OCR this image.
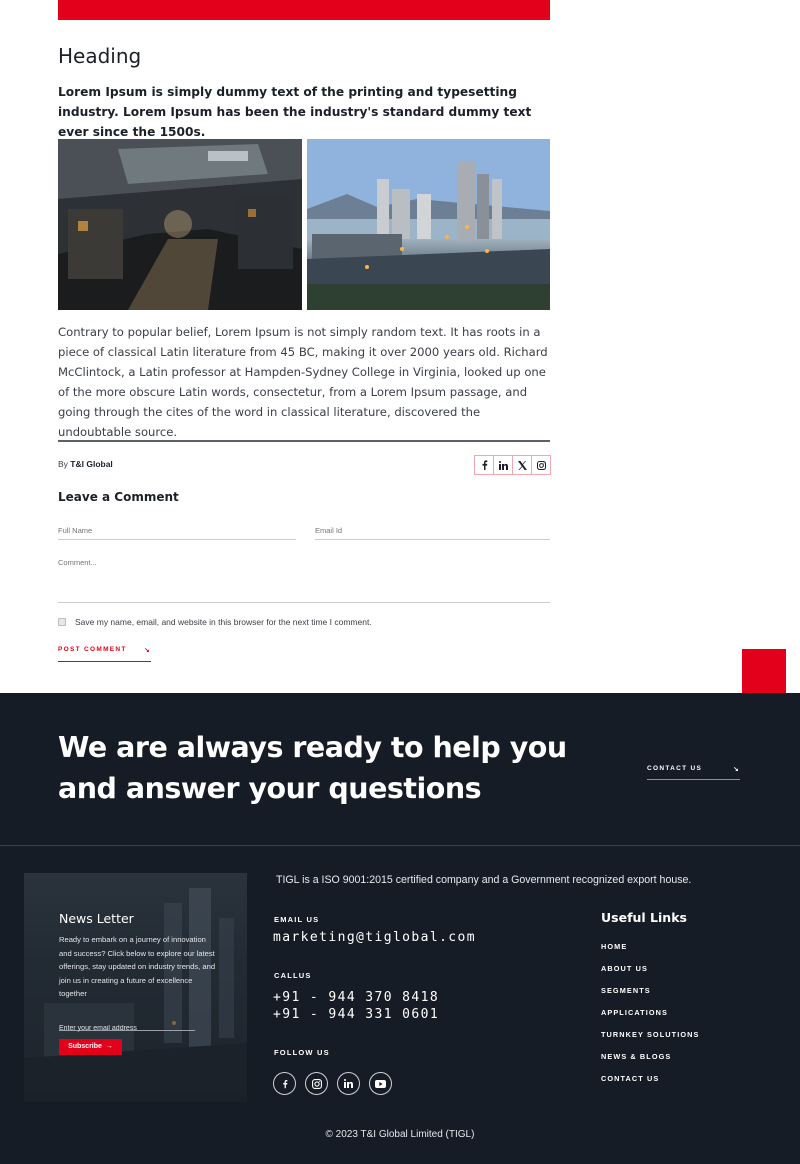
Heading

Lorem Ipsum is simply dummy text of the printing and typesetting industry. Lorem Ipsum has been the industry's standard dummy text ever since the 1500s.

Contrary to popular belief, Lorem Ipsum is not simply random text. It has roots in a piece of classical Latin literature from 45 BC, making it over 2000 years old. Richard McClintock, a Latin professor at Hampden-Sydney College in Virginia, looked up one of the more obscure Latin words, consectetur, from a Lorem Ipsum passage, and going through the cites of the word in classical literature, discovered the undoubtable source.

By T&I Global
Leave a Comment
Full Name
Email Id
Comment...
Save my name, email, and website in this browser for the next time I comment.
POST COMMENT	↘
We are always ready to help you and answer your questions
CONTACT US	↘
News Letter

Ready to embark on a journey of innovation and success? Click below to explore our latest offerings, stay updated on industry trends, and join us in creating a future of excellence together

Enter your email address
Subscribe →

TIGL is a ISO 9001:2015 certified company and a Government recognized export house.

EMAIL US
marketing@tiglobal.com
CALLUS
+91 - 944 370 8418
+91 - 944 331 0601
FOLLOW US
Useful Links
HOME
ABOUT US
SEGMENTS
APPLICATIONS
TURNKEY SOLUTIONS
NEWS & BLOGS
CONTACT US

© 2023 T&I Global Limited (TIGL)
